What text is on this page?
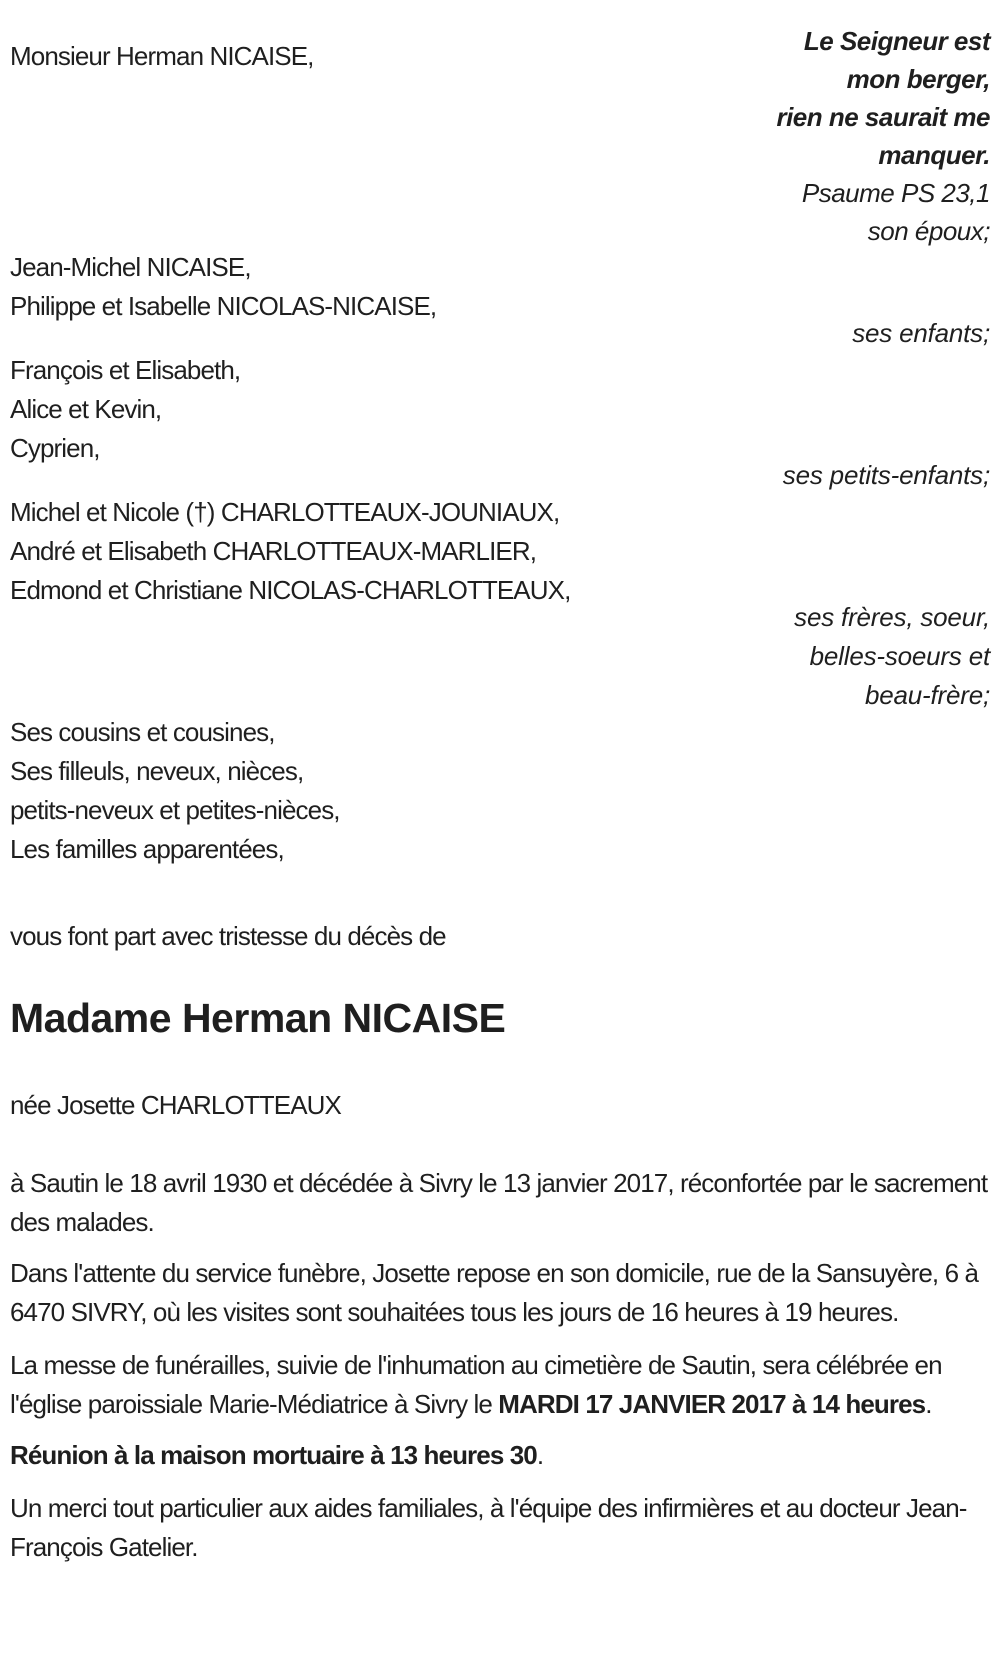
Monsieur Herman NICAISE,	Le Seigneur est
mon berger,
rien ne saurait me
manquer.
Psaume PS 23,1
son époux;
Jean-Michel NICAISE,
Philippe et Isabelle NICOLAS-NICAISE,
ses enfants;
François et Elisabeth,
Alice et Kevin,
Cyprien,
ses petits-enfants;
Michel et Nicole (†) CHARLOTTEAUX-JOUNIAUX,
André et Elisabeth CHARLOTTEAUX-MARLIER,
Edmond et Christiane NICOLAS-CHARLOTTEAUX,
ses frères, soeur,
belles-soeurs et
beau-frère;
Ses cousins et cousines,
Ses filleuls, neveux, nièces,
petits-neveux et petites-nièces,
Les familles apparentées,

vous font part avec tristesse du décès de

Madame Herman NICAISE

née Josette CHARLOTTEAUX

à Sautin le 18 avril 1930 et décédée à Sivry le 13 janvier 2017, réconfortée par le sacrement des malades.

Dans l'attente du service funèbre, Josette repose en son domicile, rue de la Sansuyère, 6 à 6470 SIVRY, où les visites sont souhaitées tous les jours de 16 heures à 19 heures.

La messe de funérailles, suivie de l'inhumation au cimetière de Sautin, sera célébrée en l'église paroissiale Marie-Médiatrice à Sivry le MARDI 17 JANVIER 2017 à 14 heures.

Réunion à la maison mortuaire à 13 heures 30.

Un merci tout particulier aux aides familiales, à l'équipe des infirmières et au docteur Jean-François Gatelier.
